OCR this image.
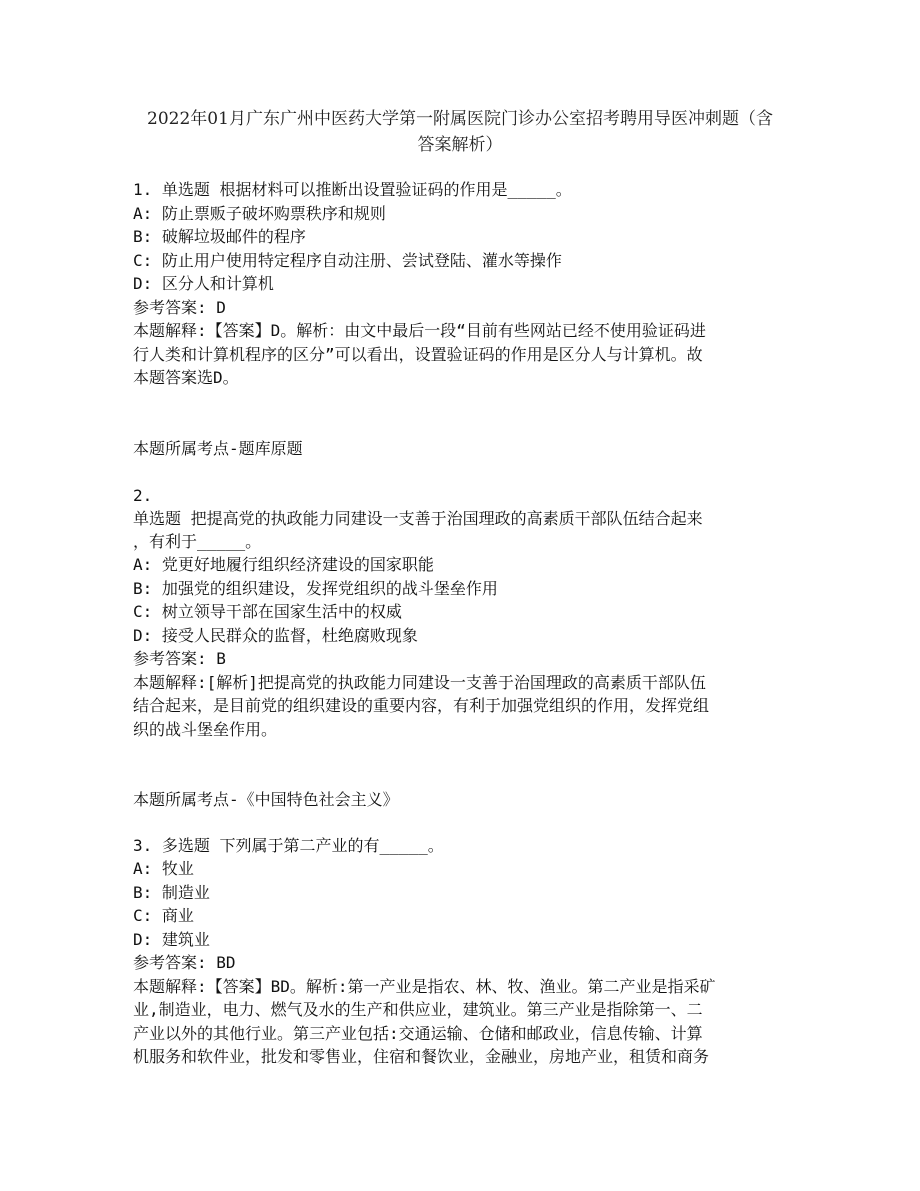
2022年01月广东广州中医药大学第一附属医院门诊办公室招考聘用导医冲刺题（含
答案解析）
1. 单选题 根据材料可以推断出设置验证码的作用是_____。
A: 防止票贩子破坏购票秩序和规则
B: 破解垃圾邮件的程序
C: 防止用户使用特定程序自动注册、尝试登陆、灌水等操作
D: 区分人和计算机
参考答案: D
本题解释:【答案】D。解析：由文中最后一段“目前有些网站已经不使用验证码进
行人类和计算机程序的区分”可以看出，设置验证码的作用是区分人与计算机。故
本题答案选D。
本题所属考点-题库原题
2.
单选题 把提高党的执政能力同建设一支善于治国理政的高素质干部队伍结合起来
，有利于_____。
A: 党更好地履行组织经济建设的国家职能
B: 加强党的组织建设，发挥党组织的战斗堡垒作用
C: 树立领导干部在国家生活中的权威
D: 接受人民群众的监督，杜绝腐败现象
参考答案: B
本题解释:[解析]把提高党的执政能力同建设一支善于治国理政的高素质干部队伍
结合起来，是目前党的组织建设的重要内容，有利于加强党组织的作用，发挥党组
织的战斗堡垒作用。
本题所属考点-《中国特色社会主义》
3. 多选题 下列属于第二产业的有_____。
A: 牧业
B: 制造业
C: 商业
D: 建筑业
参考答案: BD
本题解释:【答案】BD。解析:第一产业是指农、林、牧、渔业。第二产业是指采矿
业,制造业，电力、燃气及水的生产和供应业，建筑业。第三产业是指除第一、二
产业以外的其他行业。第三产业包括:交通运输、仓储和邮政业，信息传输、计算
机服务和软件业，批发和零售业，住宿和餐饮业，金融业，房地产业，租赁和商务
